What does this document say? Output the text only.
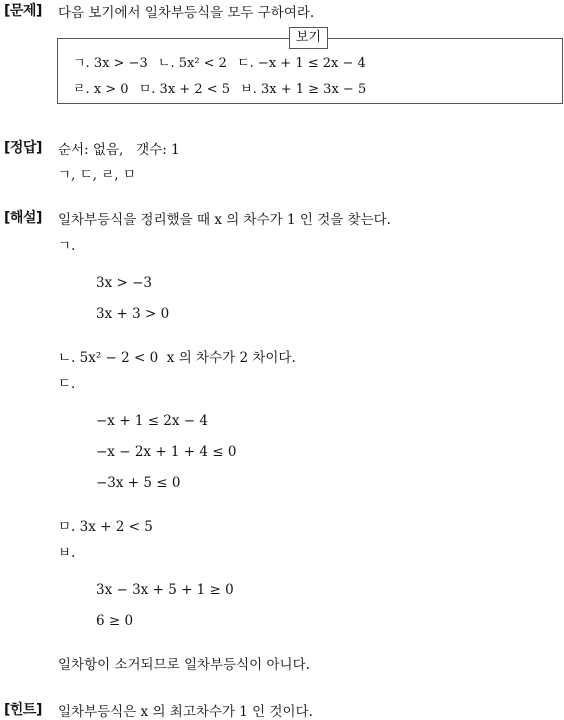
[문제] 다음 보기에서 일차부등식을 모두 구하여라.
보기
ㄱ. 3x > −3 ㄴ. 5x² < 2 ㄷ. −x + 1 ≤ 2x − 4
ㄹ. x > 0 ㅁ. 3x + 2 < 5 ㅂ. 3x + 1 ≥ 3x − 5
[정답] 순서: 없음,   갯수: 1
ㄱ, ㄷ, ㄹ, ㅁ
[해설] 일차부등식을 정리했을 때 x 의 차수가 1 인 것을 찾는다.
ㄱ.
3x > −3
3x + 3 > 0
ㄴ. 5x² − 2 < 0  x 의 차수가 2 차이다.
ㄷ.
−x + 1 ≤ 2x − 4
−x − 2x + 1 + 4 ≤ 0
−3x + 5 ≤ 0
ㅁ. 3x + 2 < 5
ㅂ.
3x − 3x + 5 + 1 ≥ 0
6 ≥ 0
일차항이 소거되므로 일차부등식이 아니다.
[힌트] 일차부등식은 x 의 최고차수가 1 인 것이다.
